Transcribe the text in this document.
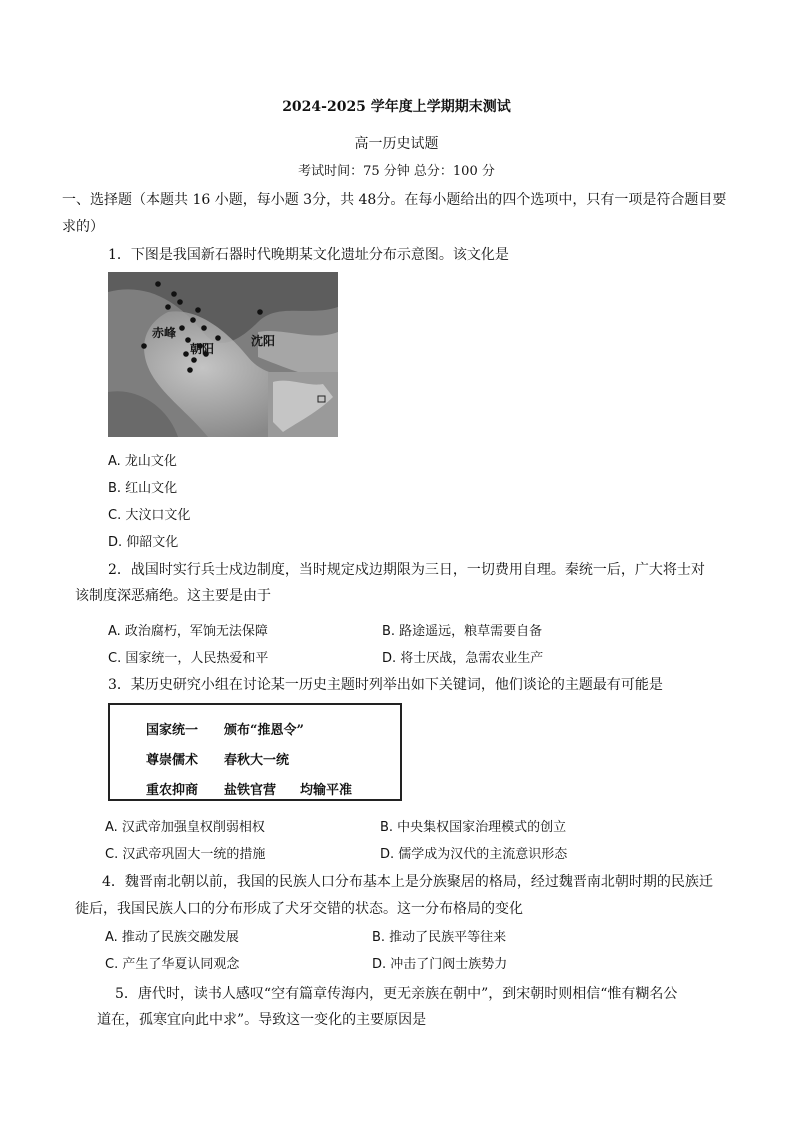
2024-2025 学年度上学期期末测试
高一历史试题
考试时间：75 分钟 总分：100 分
一、选择题（本题共 16 小题，每小题 3分，共 48分。在每小题给出的四个选项中，只有一项是符合题目要求的）
1．下图是我国新石器时代晚期某文化遗址分布示意图。该文化是
赤峰
朝阳
沈阳
A. 龙山文化
B. 红山文化
C. 大汶口文化
D. 仰韶文化
2．战国时实行兵士戍边制度，当时规定戍边期限为三日，一切费用自理。秦统一后，广大将士对
该制度深恶痛绝。这主要是由于
A. 政治腐朽，军饷无法保障	B. 路途遥远，粮草需要自备
C. 国家统一，人民热爱和平	D. 将士厌战，急需农业生产
3．某历史研究小组在讨论某一历史主题时列举出如下关键词，他们谈论的主题最有可能是
国家统一 颁布“推恩令”
尊崇儒术 春秋大一统
重农抑商 盐铁官营 均输平准
A. 汉武帝加强皇权削弱相权	B. 中央集权国家治理模式的创立
C. 汉武帝巩固大一统的措施	D. 儒学成为汉代的主流意识形态
4．魏晋南北朝以前，我国的民族人口分布基本上是分族聚居的格局，经过魏晋南北朝时期的民族迁
徙后，我国民族人口的分布形成了犬牙交错的状态。这一分布格局的变化
A. 推动了民族交融发展	B. 推动了民族平等往来
C. 产生了华夏认同观念	D. 冲击了门阀士族势力
5．唐代时，读书人感叹“空有篇章传海内，更无亲族在朝中”，到宋朝时则相信“惟有糊名公
道在，孤寒宜向此中求”。导致这一变化的主要原因是
